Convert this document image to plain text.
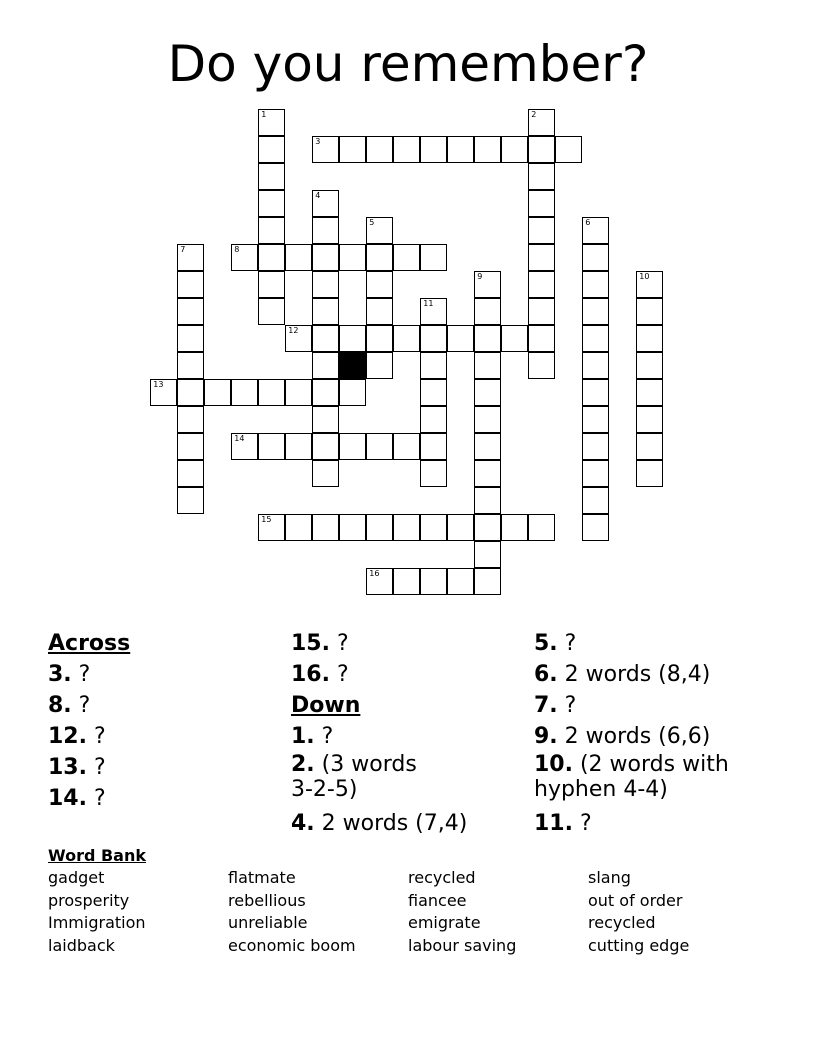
Do you remember?
1	2
3
4
5	6
7	8
9	10
11
12
13
14
15
16
Across
3. ?
8. ?
12. ?
13. ?
14. ?
15. ?
16. ?
Down
1. ?
2. (3 words 3-2-5)
4. 2 words (7,4)
5. ?
6. 2 words (8,4)
7. ?
9. 2 words (6,6)
10. (2 words with hyphen 4-4)
11. ?
Word Bank
gadget
prosperity
Immigration
laidback
flatmate
rebellious
unreliable
economic boom
recycled
fiancee
emigrate
labour saving
slang
out of order
recycled
cutting edge
